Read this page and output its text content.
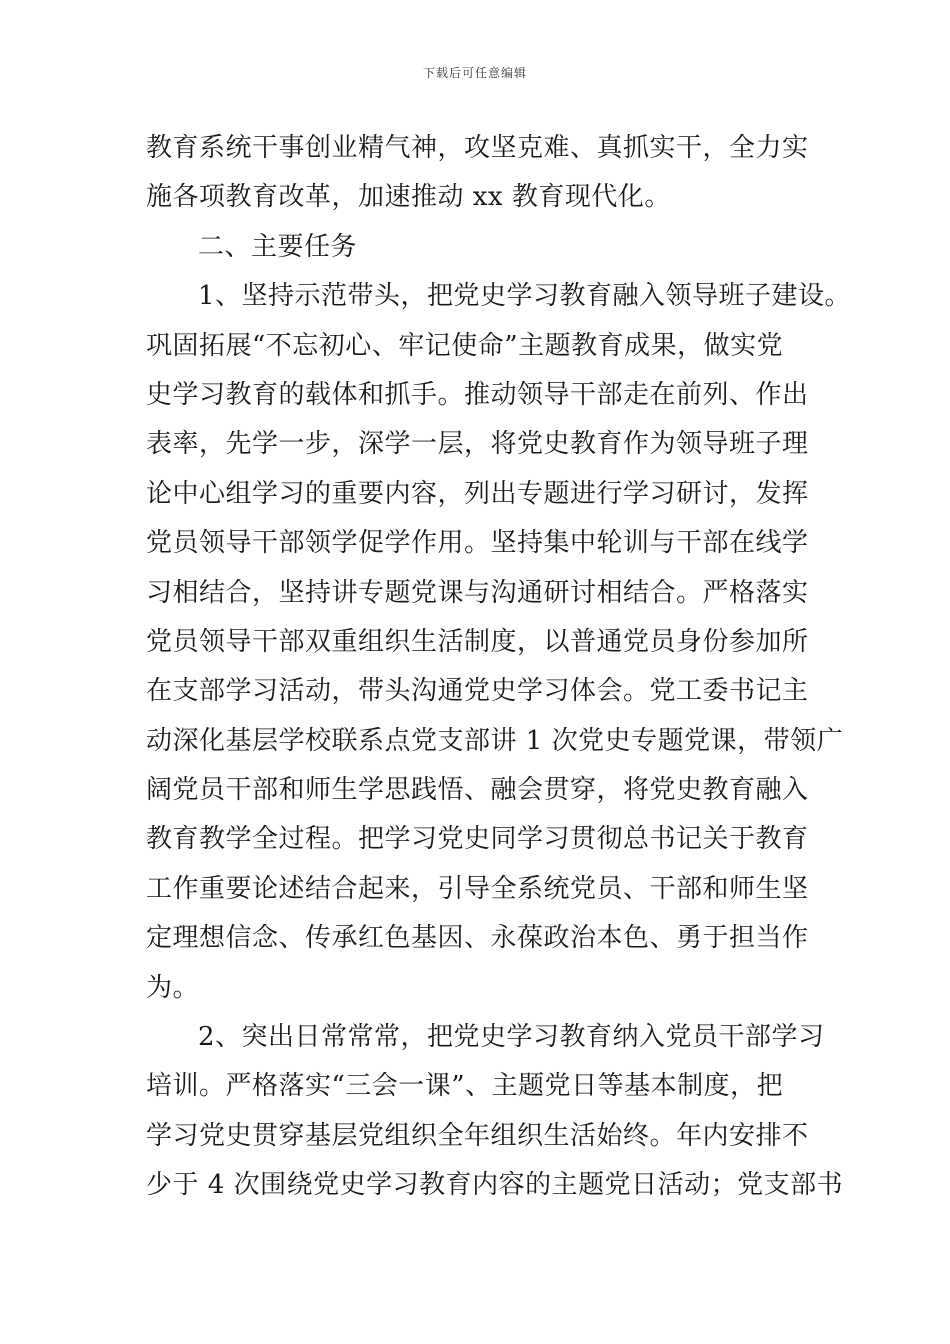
下载后可任意编辑
教育系统干事创业精气神，攻坚克难、真抓实干，全力实
施各项教育改革，加速推动 xx 教育现代化。
二、主要任务
1、坚持示范带头，把党史学习教育融入领导班子建设。
巩固拓展“不忘初心、牢记使命”主题教育成果，做实党
史学习教育的载体和抓手。推动领导干部走在前列、作出
表率，先学一步，深学一层，将党史教育作为领导班子理
论中心组学习的重要内容，列出专题进行学习研讨，发挥
党员领导干部领学促学作用。坚持集中轮训与干部在线学
习相结合，坚持讲专题党课与沟通研讨相结合。严格落实
党员领导干部双重组织生活制度，以普通党员身份参加所
在支部学习活动，带头沟通党史学习体会。党工委书记主
动深化基层学校联系点党支部讲 1 次党史专题党课，带领广
阔党员干部和师生学思践悟、融会贯穿，将党史教育融入
教育教学全过程。把学习党史同学习贯彻总书记关于教育
工作重要论述结合起来，引导全系统党员、干部和师生坚
定理想信念、传承红色基因、永葆政治本色、勇于担当作
为。
2、突出日常常常，把党史学习教育纳入党员干部学习
培训。严格落实“三会一课”、主题党日等基本制度，把
学习党史贯穿基层党组织全年组织生活始终。年内安排不
少于 4 次围绕党史学习教育内容的主题党日活动；党支部书
